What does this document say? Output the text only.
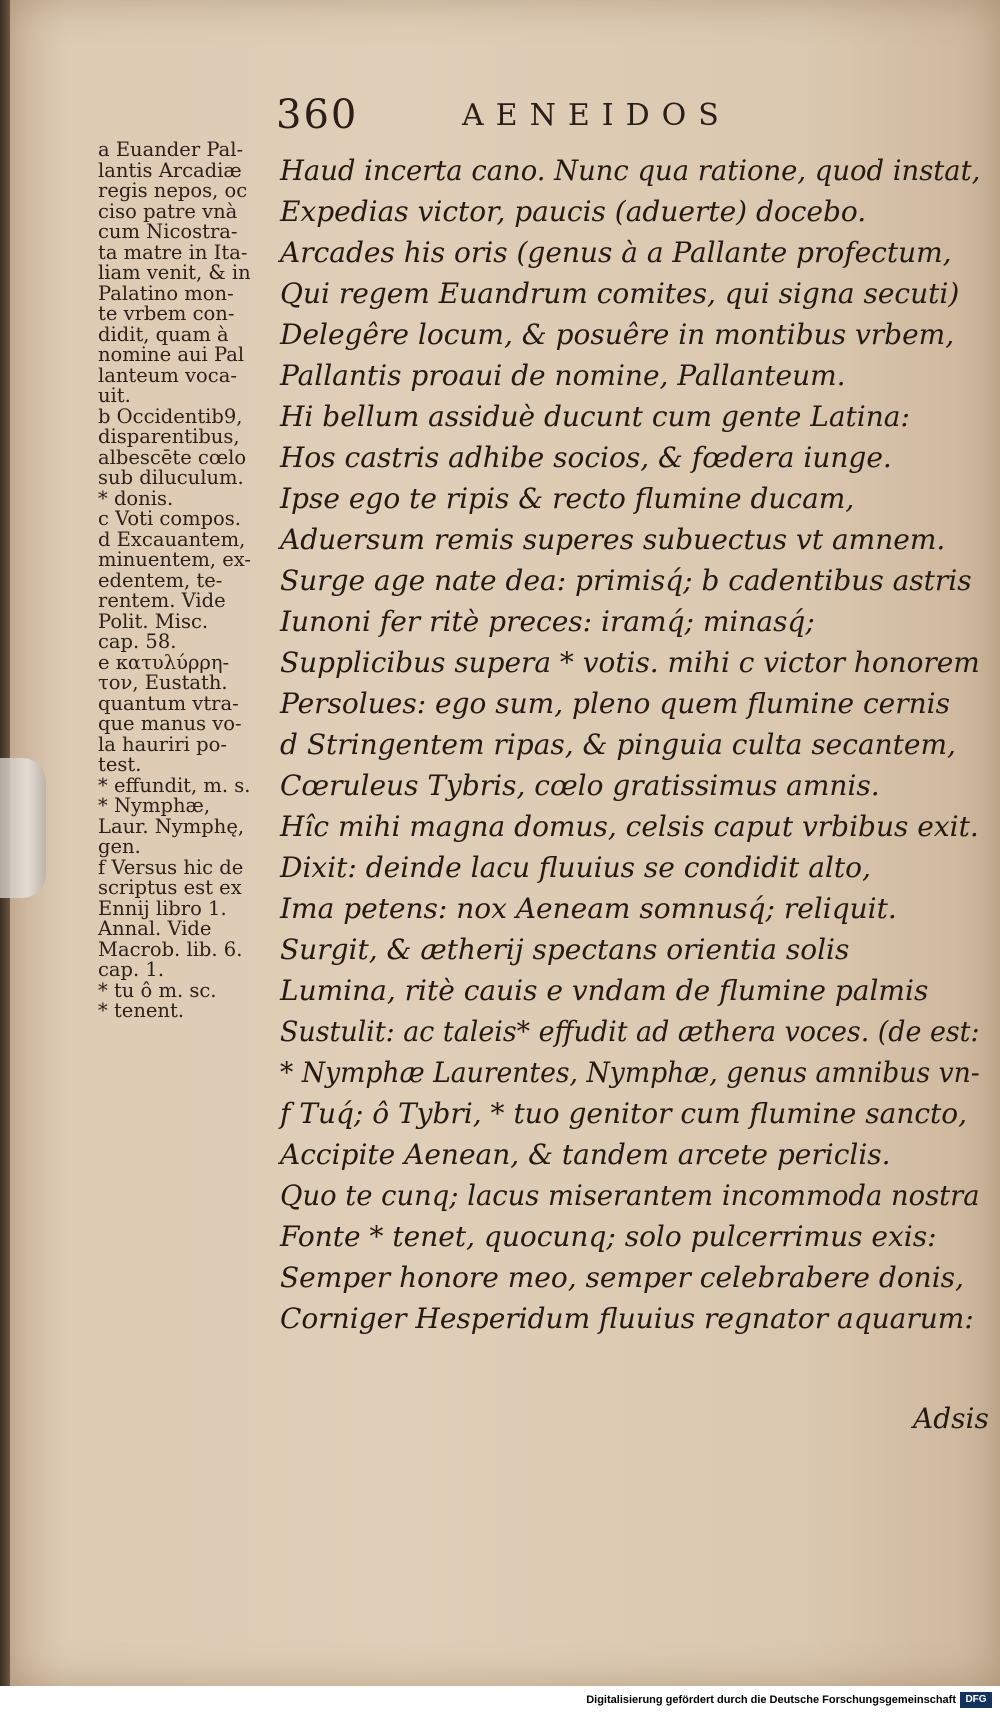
360	AENEIDOS
a Euander Pal-
lantis Arcadiæ
regis nepos, oc
ciso patre vnà
cum Nicostra-
ta matre in Ita-
liam venit, & in
Palatino mon-
te vrbem con-
didit, quam à
nomine aui Pal
lanteum voca-
uit.
b Occidentib9,
disparentibus,
albescēte cœlo
sub diluculum.
* donis.
c Voti compos.
d Excauantem,
minuentem, ex-
edentem, te-
rentem. Vide
Polit. Misc.
cap. 58.
e κατυλύρρη-
τον, Eustath.
quantum vtra-
que manus vo-
la hauriri po-
test.
* effundit, m. s.
* Nymphæ,
Laur. Nymphę,
gen.
f Versus hic de
scriptus est ex
Ennij libro 1.
Annal. Vide
Macrob. lib. 6.
cap. 1.
* tu ô m. sc.
* tenent.
Haud incerta cano. Nunc qua ratione, quod instat,
Expedias victor, paucis (aduerte) docebo.
Arcades his oris (genus à a Pallante profectum,
Qui regem Euandrum comites, qui signa secuti)
Delegêre locum, & posuêre in montibus vrbem,
Pallantis proaui de nomine, Pallanteum.
Hi bellum assiduè ducunt cum gente Latina:
Hos castris adhibe socios, & fœdera iunge.
Ipse ego te ripis & recto flumine ducam,
Aduersum remis superes subuectus vt amnem.
Surge age nate dea: primisq́; b cadentibus astris
Iunoni fer ritè preces: iramq́; minasq́;
Supplicibus supera * votis. mihi c victor honorem
Persolues: ego sum, pleno quem flumine cernis
d Stringentem ripas, & pinguia culta secantem,
Cœruleus Tybris, cœlo gratissimus amnis.
Hîc mihi magna domus, celsis caput vrbibus exit.
Dixit: deinde lacu fluuius se condidit alto,
Ima petens: nox Aeneam somnusq́; reliquit.
Surgit, & ætherij spectans orientia solis
Lumina, ritè cauis e vndam de flumine palmis
Sustulit: ac taleis* effudit ad æthera voces. (de est:
* Nymphæ Laurentes, Nymphæ, genus amnibus vn-
f Tuq́; ô Tybri, * tuo genitor cum flumine sancto,
Accipite Aenean, & tandem arcete periclis.
Quo te cunq; lacus miserantem incommoda nostra
Fonte * tenet, quocunq; solo pulcerrimus exis:
Semper honore meo, semper celebrabere donis,
Corniger Hesperidum fluuius regnator aquarum:
Adsis
Digitalisierung gefördert durch die Deutsche Forschungsgemeinschaft DFG
